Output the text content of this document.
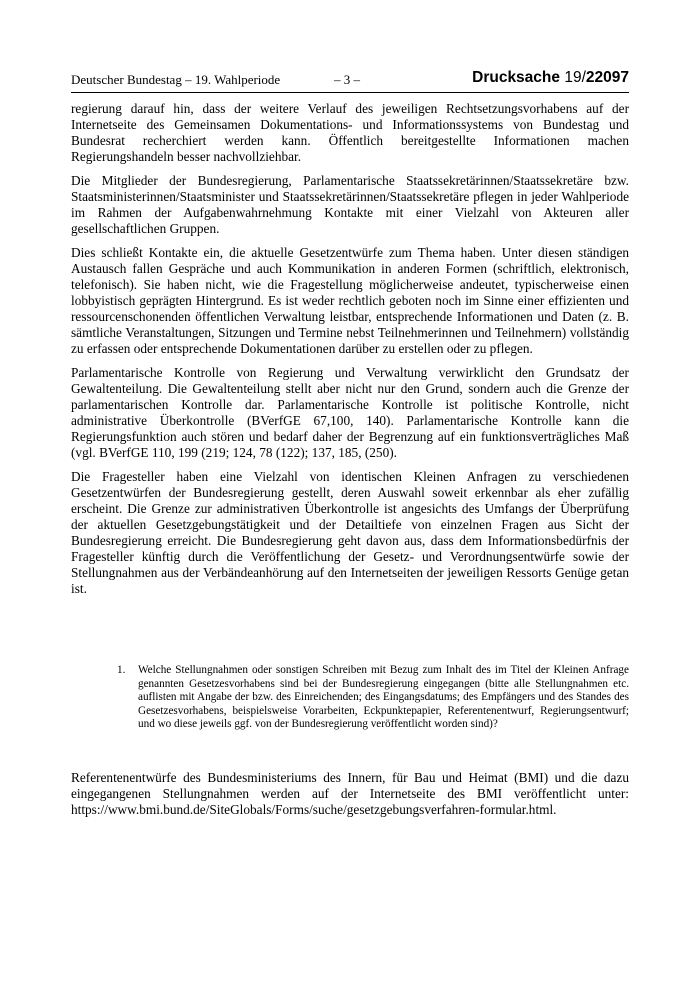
Deutscher Bundestag – 19. Wahlperiode	– 3 –	Drucksache 19/22097

regierung darauf hin, dass der weitere Verlauf des jeweiligen Rechtsetzungsvorhabens auf der Internetseite des Gemeinsamen Dokumentations- und Informationssystems von Bundestag und Bundesrat recherchiert werden kann. Öffentlich bereitgestellte Informationen machen Regierungshandeln besser nachvollziehbar.

Die Mitglieder der Bundesregierung, Parlamentarische Staatssekretärinnen/Staatssekretäre bzw. Staatsministerinnen/Staatsminister und Staatssekretärinnen/Staatssekretäre pflegen in jeder Wahlperiode im Rahmen der Aufgabenwahrnehmung Kontakte mit einer Vielzahl von Akteuren aller gesellschaftlichen Gruppen.

Dies schließt Kontakte ein, die aktuelle Gesetzentwürfe zum Thema haben. Unter diesen ständigen Austausch fallen Gespräche und auch Kommunikation in anderen Formen (schriftlich, elektronisch, telefonisch). Sie haben nicht, wie die Fragestellung möglicherweise andeutet, typischerweise einen lobbyistisch geprägten Hintergrund. Es ist weder rechtlich geboten noch im Sinne einer effizienten und ressourcenschonenden öffentlichen Verwaltung leistbar, entsprechende Informationen und Daten (z. B. sämtliche Veranstaltungen, Sitzungen und Termine nebst Teilnehmerinnen und Teilnehmern) vollständig zu erfassen oder entsprechende Dokumentationen darüber zu erstellen oder zu pflegen.

Parlamentarische Kontrolle von Regierung und Verwaltung verwirklicht den Grundsatz der Gewaltenteilung. Die Gewaltenteilung stellt aber nicht nur den Grund, sondern auch die Grenze der parlamentarischen Kontrolle dar. Parlamentarische Kontrolle ist politische Kontrolle, nicht administrative Überkontrolle (BVerfGE 67,100, 140). Parlamentarische Kontrolle kann die Regierungsfunktion auch stören und bedarf daher der Begrenzung auf ein funktionsverträgliches Maß (vgl. BVerfGE 110, 199 (219; 124, 78 (122); 137, 185, (250).

Die Fragesteller haben eine Vielzahl von identischen Kleinen Anfragen zu verschiedenen Gesetzentwürfen der Bundesregierung gestellt, deren Auswahl soweit erkennbar als eher zufällig erscheint. Die Grenze zur administrativen Überkontrolle ist angesichts des Umfangs der Überprüfung der aktuellen Gesetzgebungstätigkeit und der Detailtiefe von einzelnen Fragen aus Sicht der Bundesregierung erreicht. Die Bundesregierung geht davon aus, dass dem Informationsbedürfnis der Fragesteller künftig durch die Veröffentlichung der Gesetz- und Verordnungsentwürfe sowie der Stellungnahmen aus der Verbändeanhörung auf den Internetseiten der jeweiligen Ressorts Genüge getan ist.

1. Welche Stellungnahmen oder sonstigen Schreiben mit Bezug zum Inhalt des im Titel der Kleinen Anfrage genannten Gesetzesvorhabens sind bei der Bundesregierung eingegangen (bitte alle Stellungnahmen etc. auflisten mit Angabe der bzw. des Einreichenden; des Eingangsdatums; des Empfängers und des Standes des Gesetzesvorhabens, beispielsweise Vorarbeiten, Eckpunktepapier, Referentenentwurf, Regierungsentwurf; und wo diese jeweils ggf. von der Bundesregierung veröffentlicht worden sind)?

Referentenentwürfe des Bundesministeriums des Innern, für Bau und Heimat (BMI) und die dazu eingegangenen Stellungnahmen werden auf der Internetseite des BMI veröffentlicht unter: https://www.bmi.bund.de/SiteGlobals/Forms/suche/gesetzgebungsverfahren-formular.html.
